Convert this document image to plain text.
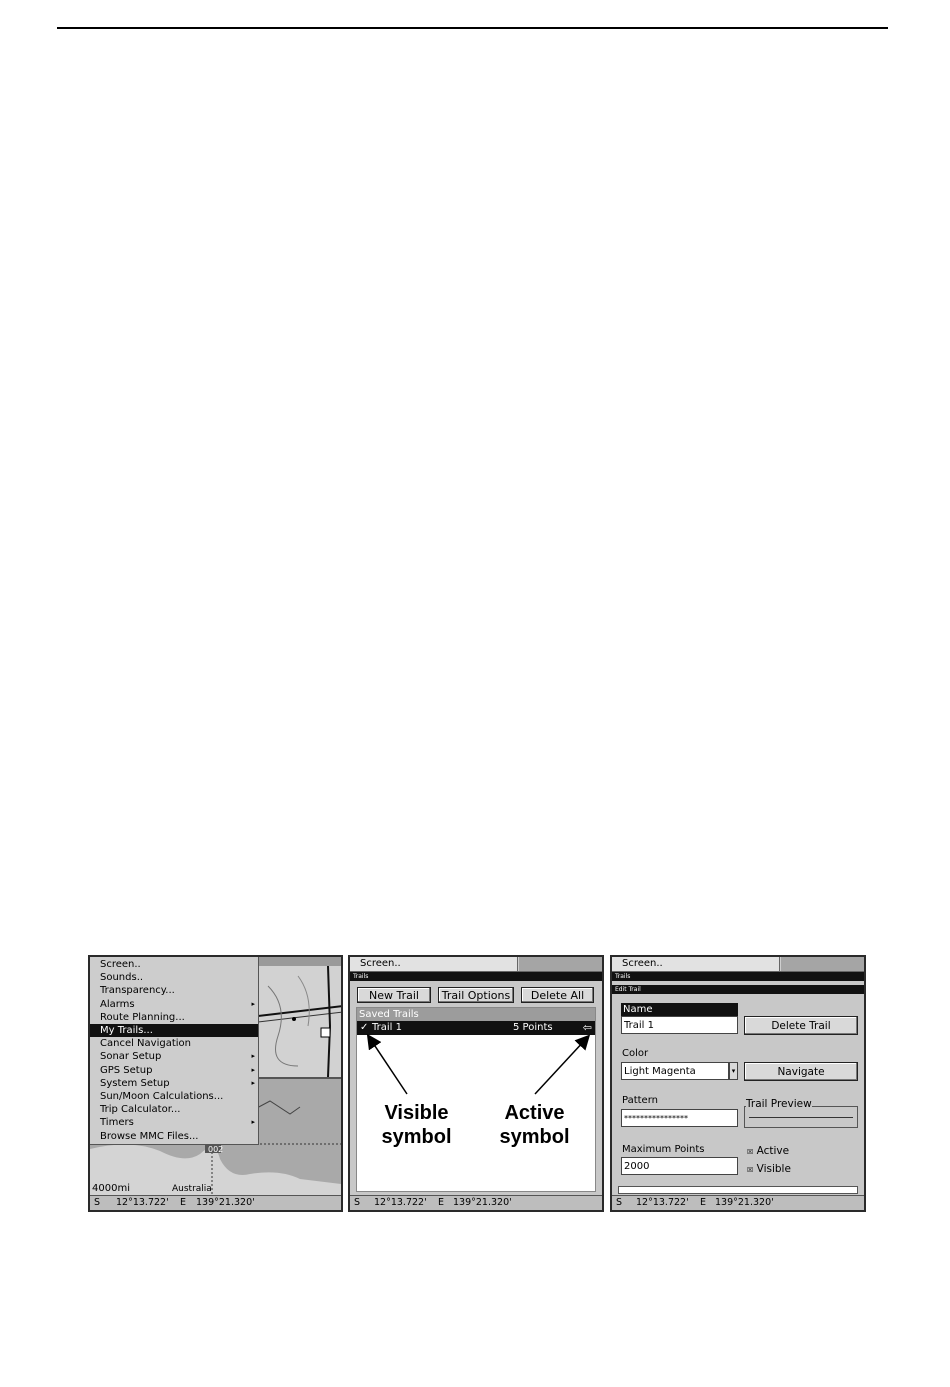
002
4000mi	Australia
Screen..
Sounds..
Transparency...
Alarms	▸
Route Planning...
My Trails...
Cancel Navigation
Sonar Setup	▸
GPS Setup	▸
System Setup	▸
Sun/Moon Calculations...
Trip Calculator...
Timers	▸
Browse MMC Files...

S

12°13.722'

E

139°21.320'

Screen..
Trails
New Trail	Trail Options	Delete All
Saved Trails
✓ Trail 1	5 Points	⇦
Visible symbol
Active symbol

S

12°13.722'

E

139°21.320'

Screen..
Trails
Edit Trail
Name
Trail 1	Delete Trail
Color
Light Magenta	▾	Navigate
Pattern
****************
Trail Preview
Maximum Points
2000
☒ Active
☒ Visible

S

12°13.722'

E

139°21.320'
